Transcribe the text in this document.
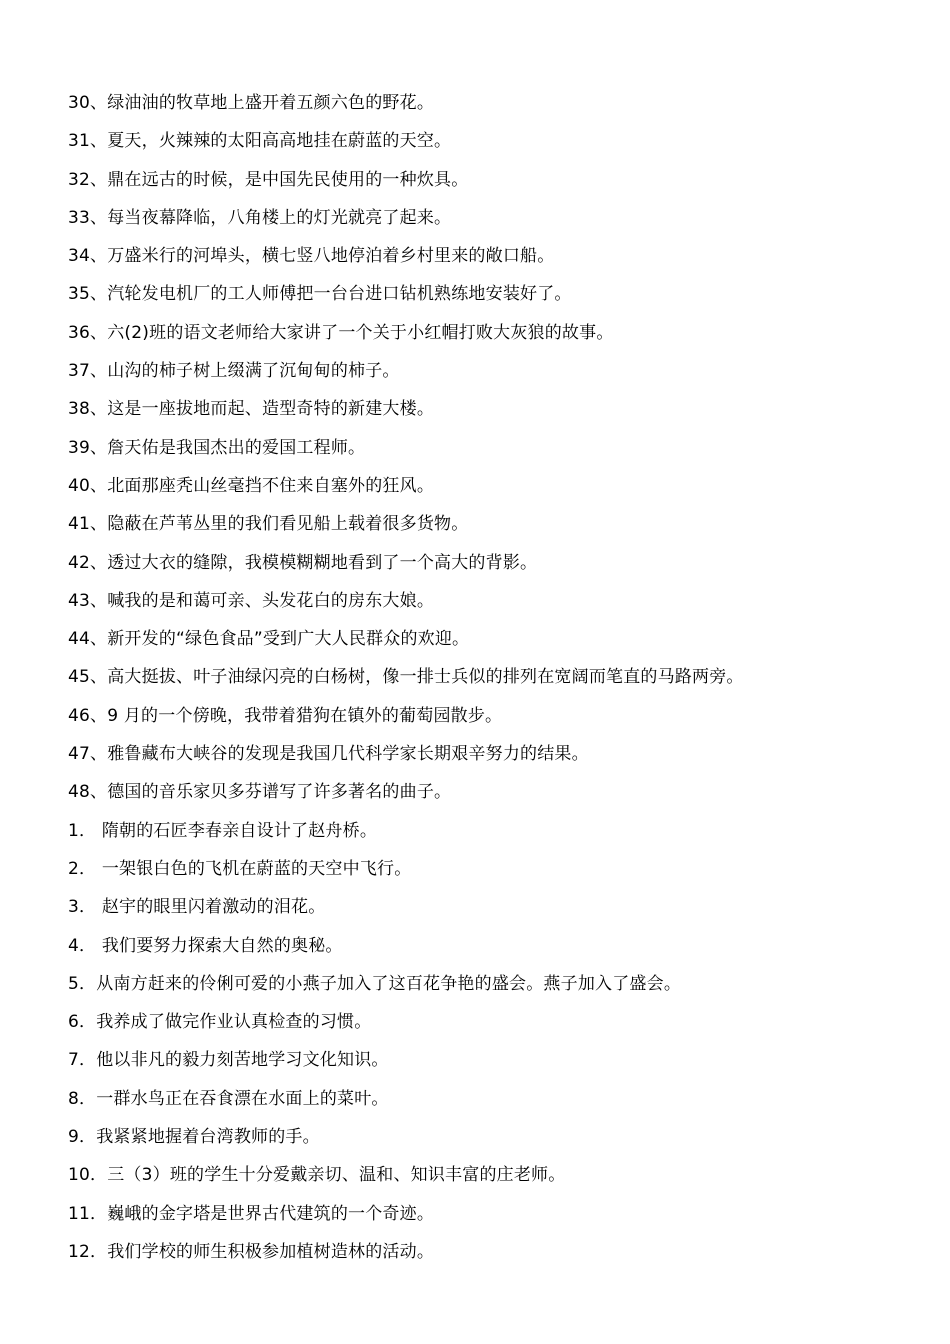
30、绿油油的牧草地上盛开着五颜六色的野花。
31、夏天，火辣辣的太阳高高地挂在蔚蓝的天空。
32、鼎在远古的时候，是中国先民使用的一种炊具。
33、每当夜幕降临，八角楼上的灯光就亮了起来。
34、万盛米行的河埠头，横七竖八地停泊着乡村里来的敞口船。
35、汽轮发电机厂的工人师傅把一台台进口钻机熟练地安装好了。
36、六(2)班的语文老师给大家讲了一个关于小红帽打败大灰狼的故事。
37、山沟的柿子树上缀满了沉甸甸的柿子。
38、这是一座拔地而起、造型奇特的新建大楼。
39、詹天佑是我国杰出的爱国工程师。
40、北面那座秃山丝毫挡不住来自塞外的狂风。
41、隐蔽在芦苇丛里的我们看见船上载着很多货物。
42、透过大衣的缝隙，我模模糊糊地看到了一个高大的背影。
43、喊我的是和蔼可亲、头发花白的房东大娘。
44、新开发的“绿色食品”受到广大人民群众的欢迎。
45、高大挺拔、叶子油绿闪亮的白杨树，像一排士兵似的排列在宽阔而笔直的马路两旁。
46、9 月的一个傍晚，我带着猎狗在镇外的葡萄园散步。
47、雅鲁藏布大峡谷的发现是我国几代科学家长期艰辛努力的结果。
48、德国的音乐家贝多芬谱写了许多著名的曲子。
1． 隋朝的石匠李春亲自设计了赵舟桥。
2． 一架银白色的飞机在蔚蓝的天空中飞行。
3． 赵宇的眼里闪着激动的泪花。
4． 我们要努力探索大自然的奥秘。
5．从南方赶来的伶俐可爱的小燕子加入了这百花争艳的盛会。燕子加入了盛会。
6．我养成了做完作业认真检查的习惯。
7．他以非凡的毅力刻苦地学习文化知识。
8．一群水鸟正在吞食漂在水面上的菜叶。
9．我紧紧地握着台湾教师的手。
10．三（3）班的学生十分爱戴亲切、温和、知识丰富的庄老师。
11．巍峨的金字塔是世界古代建筑的一个奇迹。
12．我们学校的师生积极参加植树造林的活动。
